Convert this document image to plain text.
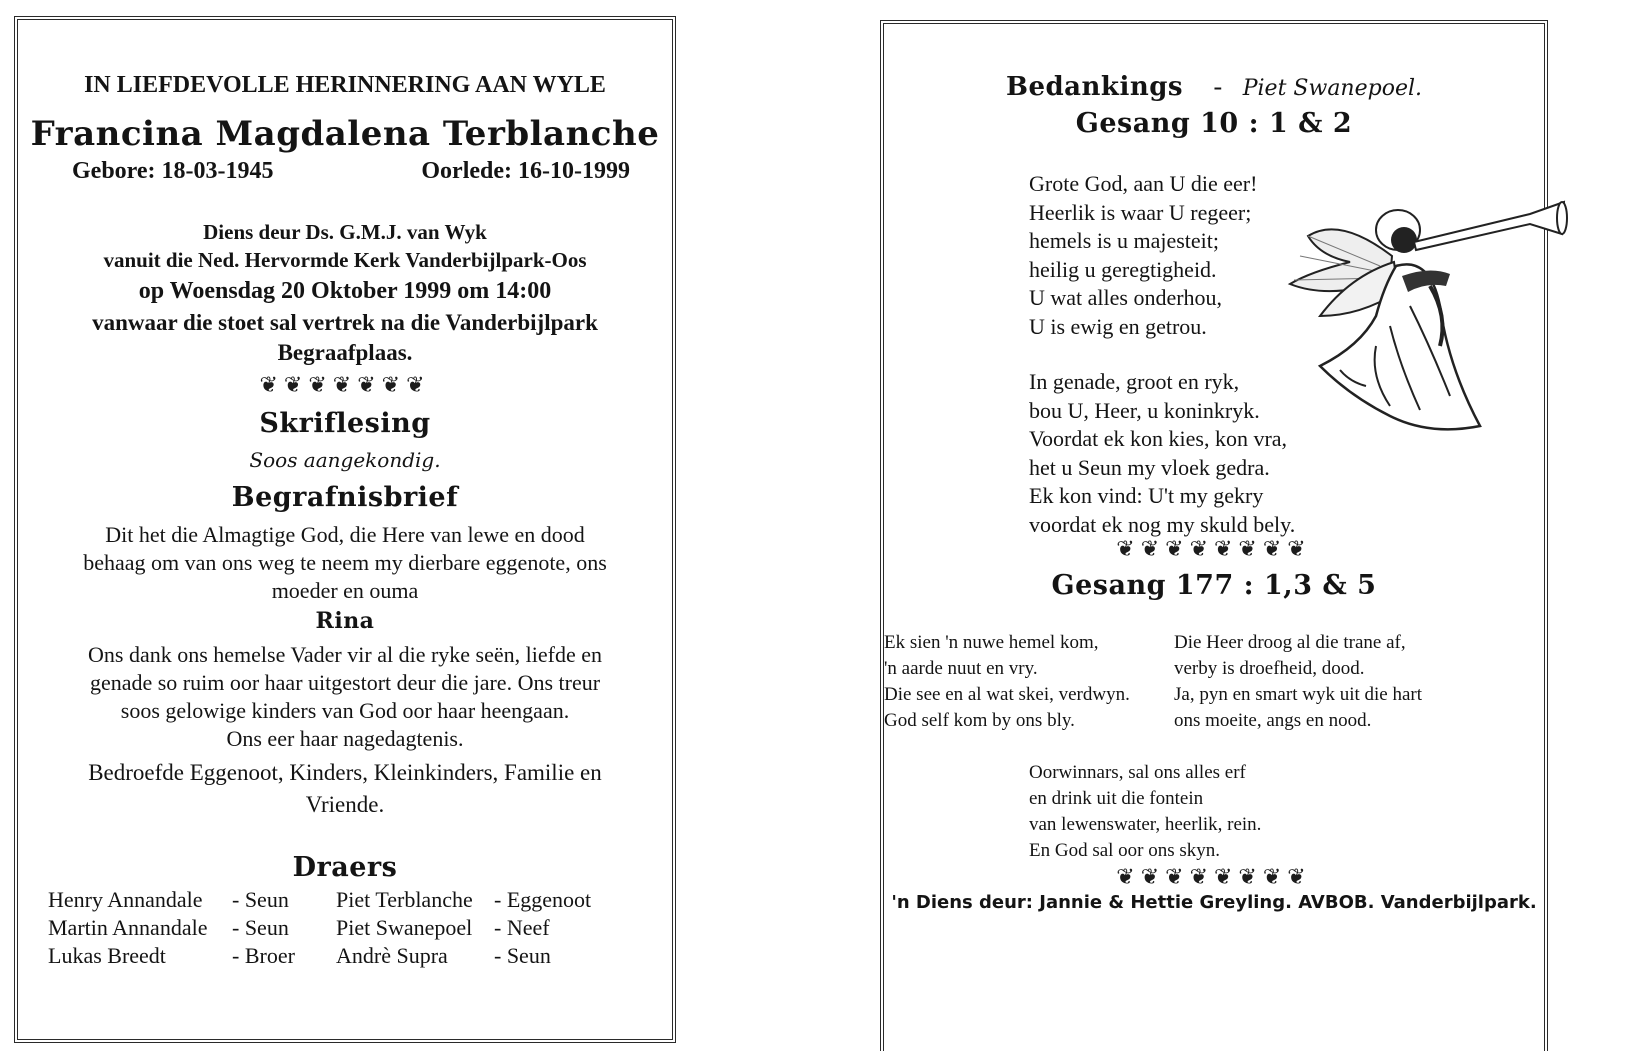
IN LIEFDEVOLLE HERINNERING AAN WYLE
Francina Magdalena Terblanche
Gebore: 18-03-1945	Oorlede: 16-10-1999
Diens deur Ds. G.M.J. van Wyk
vanuit die Ned. Hervormde Kerk Vanderbijlpark-Oos
op Woensdag 20 Oktober 1999 om 14:00
vanwaar die stoet sal vertrek na die Vanderbijlpark
Begraafplaas.
❦❦❦❦❦❦❦
Skriflesing
Soos aangekondig.
Begrafnisbrief
Dit het die Almagtige God, die Here van lewe en dood
behaag om van ons weg te neem my dierbare eggenote, ons
moeder en ouma
Rina
Ons dank ons hemelse Vader vir al die ryke seën, liefde en
genade so ruim oor haar uitgestort deur die jare. Ons treur
soos gelowige kinders van God oor haar heengaan.
Ons eer haar nagedagtenis.
Bedroefde Eggenoot, Kinders, Kleinkinders, Familie en
Vriende.
Draers
Henry Annandale
Martin Annandale
Lukas Breedt
- Seun
- Seun
- Broer
Piet Terblanche
Piet Swanepoel
Andrè Supra
- Eggenoot
- Neef
- Seun
Bedankings - Piet Swanepoel.
Gesang 10 : 1 & 2
Grote God, aan U die eer!
Heerlik is waar U regeer;
hemels is u majesteit;
heilig u geregtigheid.
U wat alles onderhou,
U is ewig en getrou.
In genade, groot en ryk,
bou U, Heer, u koninkryk.
Voordat ek kon kies, kon vra,
het u Seun my vloek gedra.
Ek kon vind: U't my gekry
voordat ek nog my skuld bely.
❦❦❦❦❦❦❦❦
Gesang 177 : 1,3 & 5
Ek sien 'n nuwe hemel kom,
'n aarde nuut en vry.
Die see en al wat skei, verdwyn.
God self kom by ons bly.
Die Heer droog al die trane af,
verby is droefheid, dood.
Ja, pyn en smart wyk uit die hart
ons moeite, angs en nood.
Oorwinnars, sal ons alles erf
en drink uit die fontein
van lewenswater, heerlik, rein.
En God sal oor ons skyn.
❦❦❦❦❦❦❦❦
'n Diens deur: Jannie & Hettie Greyling. AVBOB. Vanderbijlpark.
